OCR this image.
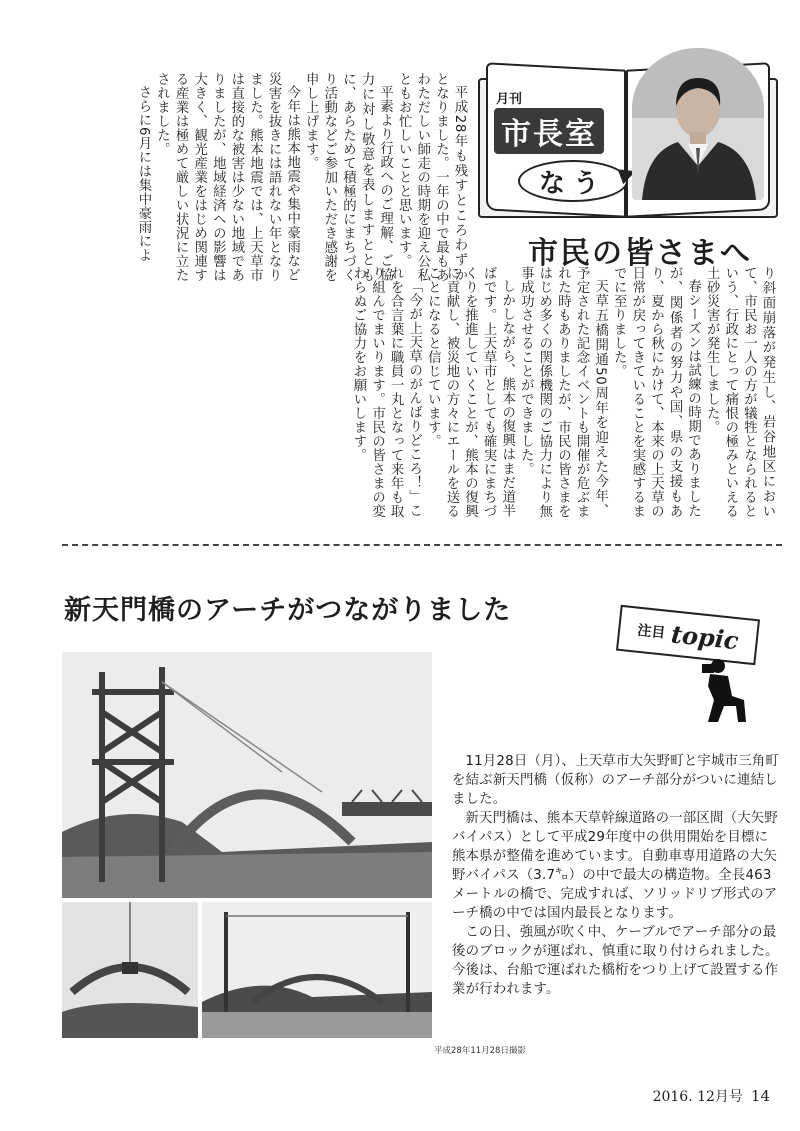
り斜面崩落が発生し、岩谷地区において、市民お一人の方が犠牲となられるという、行政にとって痛恨の極みといえる土砂災害が発生しました。

春シーズンは試練の時期でありましたが、関係者の努力や国、県の支援もあり、夏から秋にかけて、本来の上天草の日常が戻ってきていることを実感するまでに至りました。

天草五橋開通50周年を迎えた今年、予定された記念イベントも開催が危ぶまれた時もありましたが、市民の皆さまをはじめ多くの関係機関のご協力により無事成功させることができました。

しかしながら、熊本の復興はまだ道半ばです。上天草市としても確実にまちづくりを推進していくことが、熊本の復興に貢献し、被災地の方々にエールを送ることになると信じています。

「今が上天草のがんばりどころ！」これを合言葉に職員一丸となって来年も取り組んでまいります。市民の皆さまの変わらぬご協力をお願いします。

平成28年も残すところわずかとなりました。一年の中で最もあわただしい師走の時期を迎え公私ともお忙しいことと思います。

平素より行政へのご理解、ご協力に対し敬意を表しますとともに、あらためて積極的にまちづくり活動などご参加いただき感謝を申し上げます。

今年は熊本地震や集中豪雨など災害を抜きには語れない年となりました。熊本地震では、上天草市は直接的な被害は少ない地域でありましたが、地域経済への影響は大きく、観光産業をはじめ関連する産業は極めて厳しい状況に立たされました。

さらに6月には集中豪雨によ	月刊
市長室
なう
市民の皆さまへ
新天門橋のアーチがつながりました
注目 topic
平成28年11月28日撮影

11月28日（月）、上天草市大矢野町と宇城市三角町を結ぶ新天門橋（仮称）のアーチ部分がついに連結しました。

新天門橋は、熊本天草幹線道路の一部区間（大矢野バイパス）として平成29年度中の供用開始を目標に熊本県が整備を進めています。自動車専用道路の大矢野バイパス（3.7㌔）の中で最大の構造物。全長463メートルの橋で、完成すれば、ソリッドリブ形式のアーチ橋の中では国内最長となります。

この日、強風が吹く中、ケーブルでアーチ部分の最後のブロックが運ばれ、慎重に取り付けられました。今後は、台船で運ばれた橋桁をつり上げて設置する作業が行われます。

2016. 12月号 14
